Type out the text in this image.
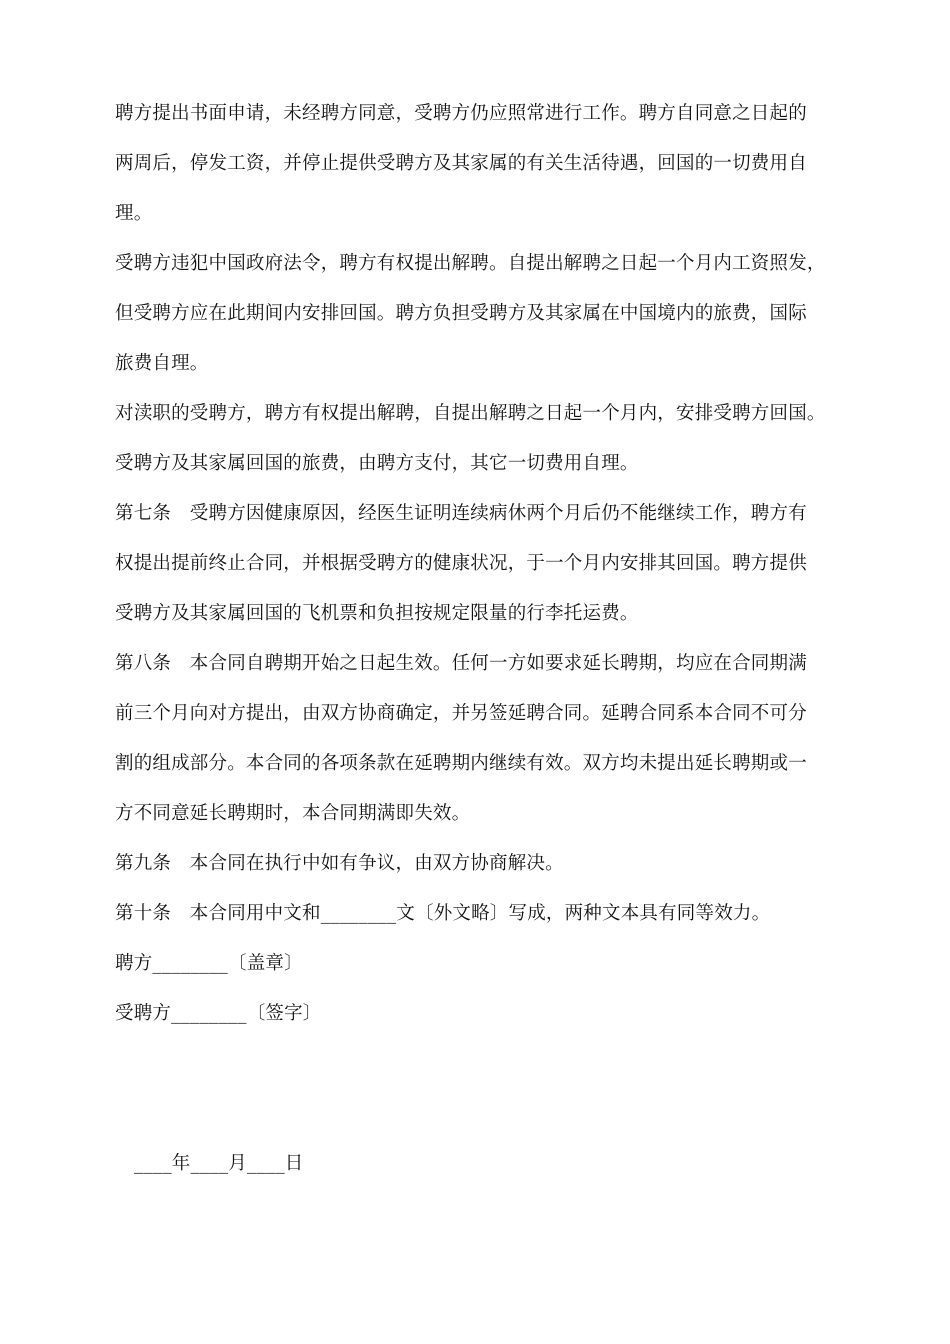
聘方提出书面申请，未经聘方同意，受聘方仍应照常进行工作。聘方自同意之日起的
两周后，停发工资，并停止提供受聘方及其家属的有关生活待遇，回国的一切费用自
理。
受聘方违犯中国政府法令，聘方有权提出解聘。自提出解聘之日起一个月内工资照发，
但受聘方应在此期间内安排回国。聘方负担受聘方及其家属在中国境内的旅费，国际
旅费自理。
对渎职的受聘方，聘方有权提出解聘，自提出解聘之日起一个月内，安排受聘方回国。
受聘方及其家属回国的旅费，由聘方支付，其它一切费用自理。
第七条　受聘方因健康原因，经医生证明连续病休两个月后仍不能继续工作，聘方有
权提出提前终止合同，并根据受聘方的健康状况，于一个月内安排其回国。聘方提供
受聘方及其家属回国的飞机票和负担按规定限量的行李托运费。
第八条　本合同自聘期开始之日起生效。任何一方如要求延长聘期，均应在合同期满
前三个月向对方提出，由双方协商确定，并另签延聘合同。延聘合同系本合同不可分
割的组成部分。本合同的各项条款在延聘期内继续有效。双方均未提出延长聘期或一
方不同意延长聘期时，本合同期满即失效。
第九条　本合同在执行中如有争议，由双方协商解决。
第十条　本合同用中文和________文〔外文略〕写成，两种文本具有同等效力。
聘方________〔盖章〕
受聘方________〔签字〕
____年____月____日
